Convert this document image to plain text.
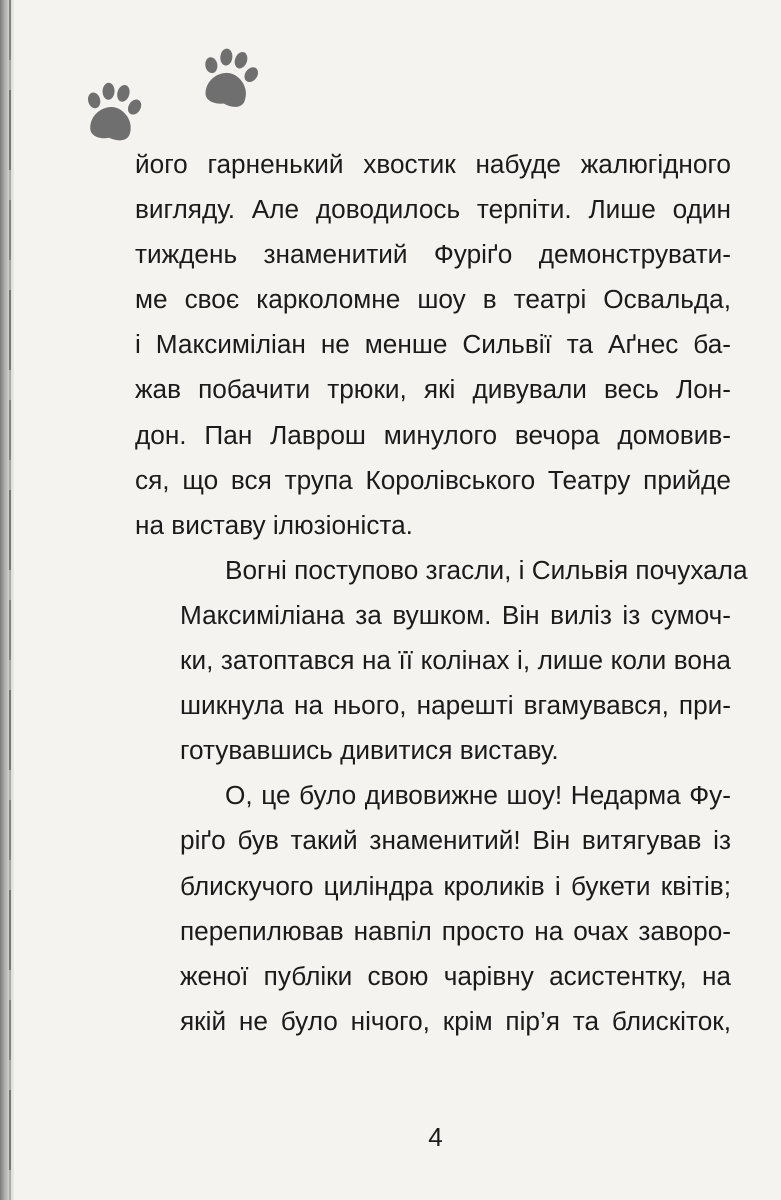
його гарненький хвостик набуде жалюгідного
вигляду. Але доводилось терпіти. Лише один
тиждень знаменитий Фуріґо демонструвати-
ме своє карколомне шоу в театрі Освальда,
і Максиміліан не менше Сильвії та Аґнес ба-
жав побачити трюки, які дивували весь Лон-
дон. Пан Лаврош минулого вечора домовив-
ся, що вся трупа Королівського Театру прийде
на виставу ілюзіоніста.

Вогні поступово згасли, і Сильвія почухала
Максиміліана за вушком. Він виліз із сумоч-
ки, затоптався на її колінах і, лише коли вона
шикнула на нього, нарешті вгамувався, при-
готувавшись дивитися виставу.

О, це було дивовижне шоу! Недарма Фу-
ріґо був такий знаменитий! Він витягував із
блискучого циліндра кроликів і букети квітів;
перепилював навпіл просто на очах заворо-
женої публіки свою чарівну асистентку, на
якій не було нічого, крім пір’я та блискіток,

4
